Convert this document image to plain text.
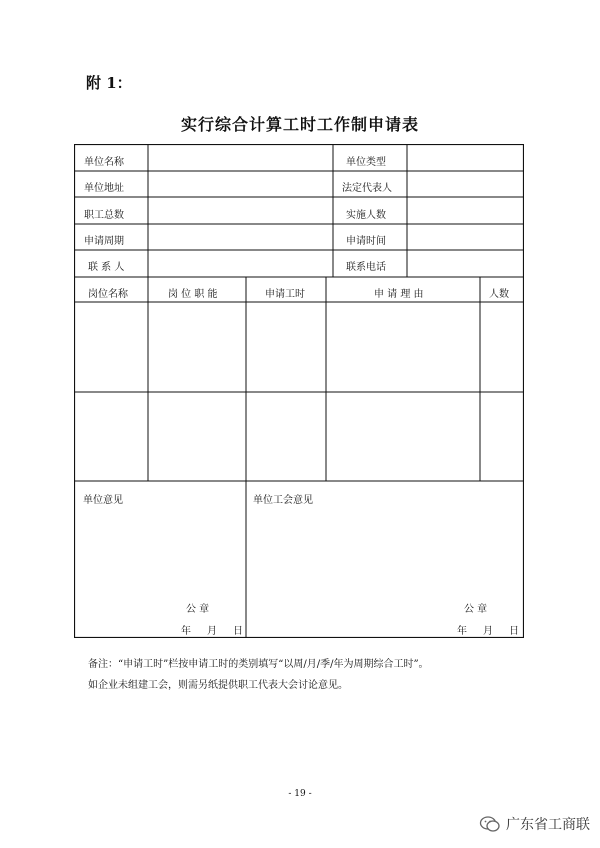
附 1：
实行综合计算工时工作制申请表
单位名称	单位类型
单位地址	法定代表人
职工总数	实施人数
申请周期	申请时间
联 系 人	联系电话
岗位名称	岗 位 职 能	申请工时	申 请 理 由	人数
单位意见	单位工会意见
公 章
年 月 日
公 章
年 月 日
备注：“申请工时”栏按申请工时的类别填写“以周/月/季/年为周期综合工时”。
如企业未组建工会，则需另纸提供职工代表大会讨论意见。
- 19 -
广东省工商联
